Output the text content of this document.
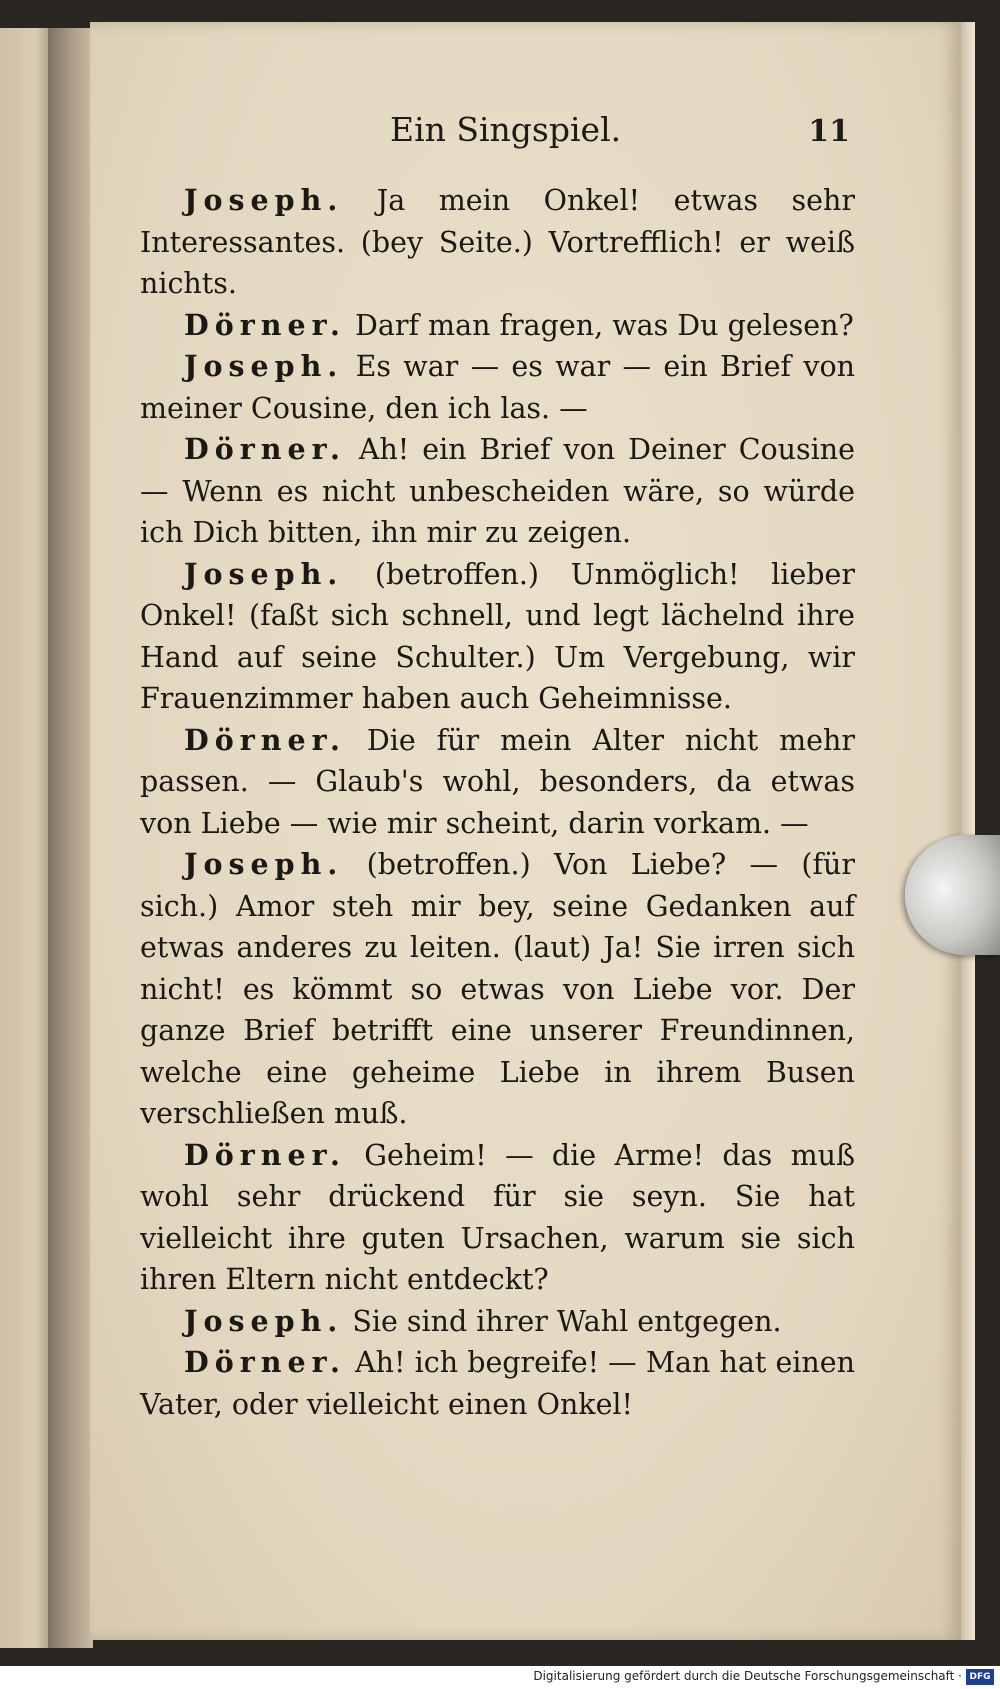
Ein Singspiel.	11

Joseph. Ja mein Onkel! etwas sehr Interessantes. (bey Seite.) Vortrefflich! er weiß nichts.

Dörner. Darf man fragen, was Du gelesen?

Joseph. Es war — es war — ein Brief von meiner Cousine, den ich las. —

Dörner. Ah! ein Brief von Deiner Cousine — Wenn es nicht unbescheiden wäre, so würde ich Dich bitten, ihn mir zu zeigen.

Joseph. (betroffen.) Unmöglich! lieber Onkel! (faßt sich schnell, und legt lächelnd ihre Hand auf seine Schulter.) Um Vergebung, wir Frauenzimmer haben auch Geheimnisse.

Dörner. Die für mein Alter nicht mehr passen. — Glaub's wohl, besonders, da etwas von Liebe — wie mir scheint, darin vorkam. —

Joseph. (betroffen.) Von Liebe? — (für sich.) Amor steh mir bey, seine Gedanken auf etwas anderes zu leiten. (laut) Ja! Sie irren sich nicht! es kömmt so etwas von Liebe vor. Der ganze Brief betrifft eine unserer Freundinnen, welche eine geheime Liebe in ihrem Busen verschließen muß.

Dörner. Geheim! — die Arme! das muß wohl sehr drückend für sie seyn. Sie hat vielleicht ihre guten Ursachen, warum sie sich ihren Eltern nicht entdeckt?

Joseph. Sie sind ihrer Wahl entgegen.

Dörner. Ah! ich begreife! — Man hat einen Vater, oder vielleicht einen Onkel!

Digitalisierung gefördert durch die Deutsche Forschungsgemeinschaft · DFG
